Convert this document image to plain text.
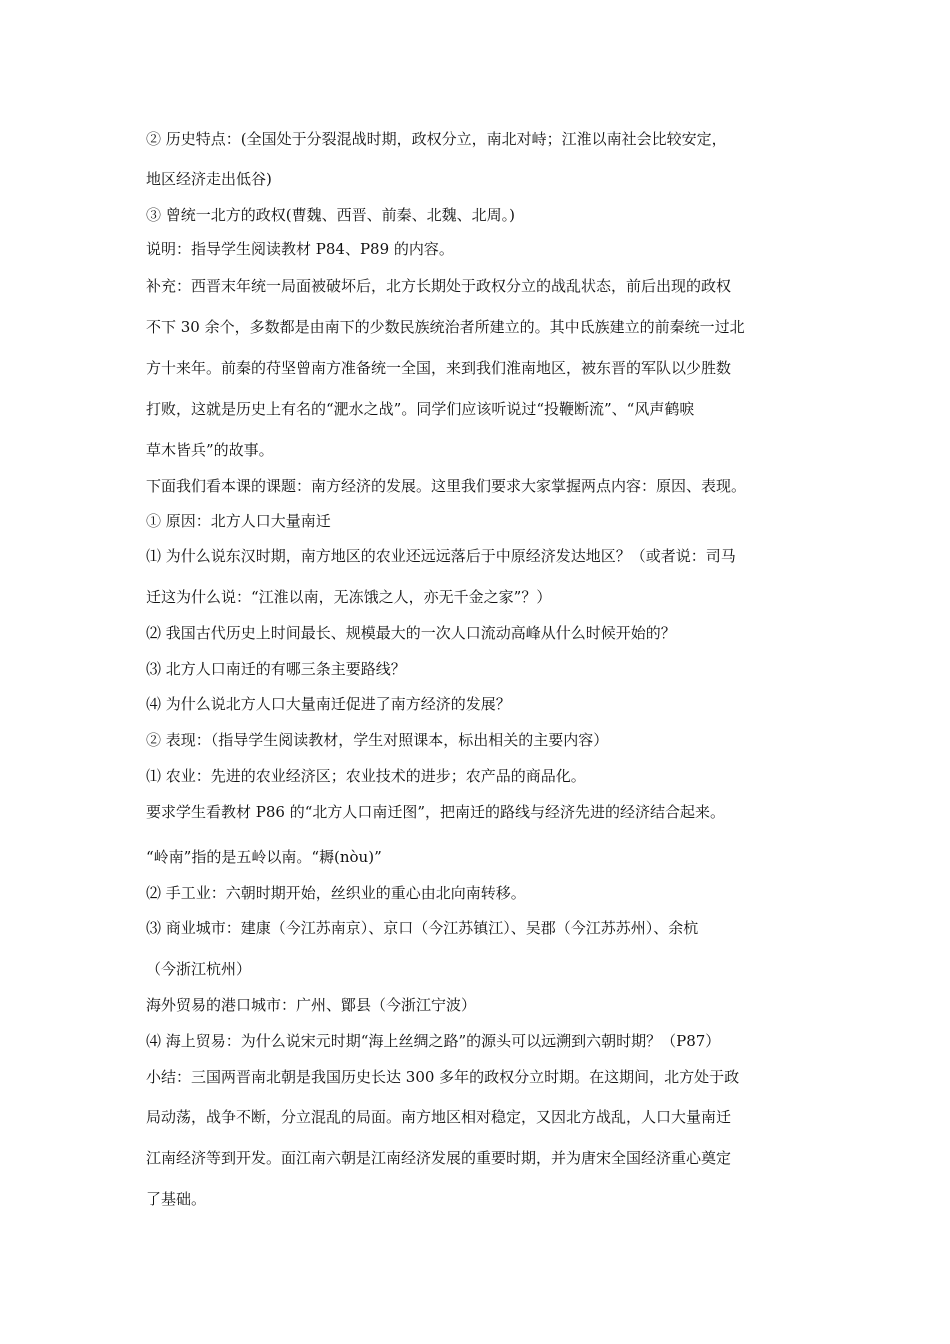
② 历史特点：(全国处于分裂混战时期，政权分立，南北对峙；江淮以南社会比较安定，
地区经济走出低谷)
③ 曾统一北方的政权(曹魏、西晋、前秦、北魏、北周。)
说明：指导学生阅读教材 P84、P89 的内容。
补充：西晋末年统一局面被破坏后，北方长期处于政权分立的战乱状态，前后出现的政权
不下 30 余个，多数都是由南下的少数民族统治者所建立的。其中氐族建立的前秦统一过北
方十来年。前秦的苻坚曾南方准备统一全国，来到我们淮南地区，被东晋的军队以少胜数
打败，这就是历史上有名的“淝水之战”。同学们应该听说过“投鞭断流”、“风声鹤唳
草木皆兵”的故事。
下面我们看本课的课题：南方经济的发展。这里我们要求大家掌握两点内容：原因、表现。
① 原因：北方人口大量南迁
⑴ 为什么说东汉时期，南方地区的农业还远远落后于中原经济发达地区？（或者说：司马
迁这为什么说：“江淮以南，无冻饿之人，亦无千金之家”？）
⑵ 我国古代历史上时间最长、规模最大的一次人口流动高峰从什么时候开始的？
⑶ 北方人口南迁的有哪三条主要路线？
⑷ 为什么说北方人口大量南迁促进了南方经济的发展？
② 表现：（指导学生阅读教材，学生对照课本，标出相关的主要内容）
⑴ 农业：先进的农业经济区；农业技术的进步；农产品的商品化。
要求学生看教材 P86 的“北方人口南迁图”，把南迁的路线与经济先进的经济结合起来。
“岭南”指的是五岭以南。“耨(nòu)”
⑵ 手工业：六朝时期开始，丝织业的重心由北向南转移。
⑶ 商业城市：建康（今江苏南京）、京口（今江苏镇江）、吴郡（今江苏苏州）、余杭
（今浙江杭州）
海外贸易的港口城市：广州、鄮县（今浙江宁波）
⑷ 海上贸易：为什么说宋元时期“海上丝绸之路”的源头可以远溯到六朝时期？（P87）
小结：三国两晋南北朝是我国历史长达 300 多年的政权分立时期。在这期间，北方处于政
局动荡，战争不断，分立混乱的局面。南方地区相对稳定，又因北方战乱，人口大量南迁
江南经济等到开发。面江南六朝是江南经济发展的重要时期，并为唐宋全国经济重心奠定
了基础。
